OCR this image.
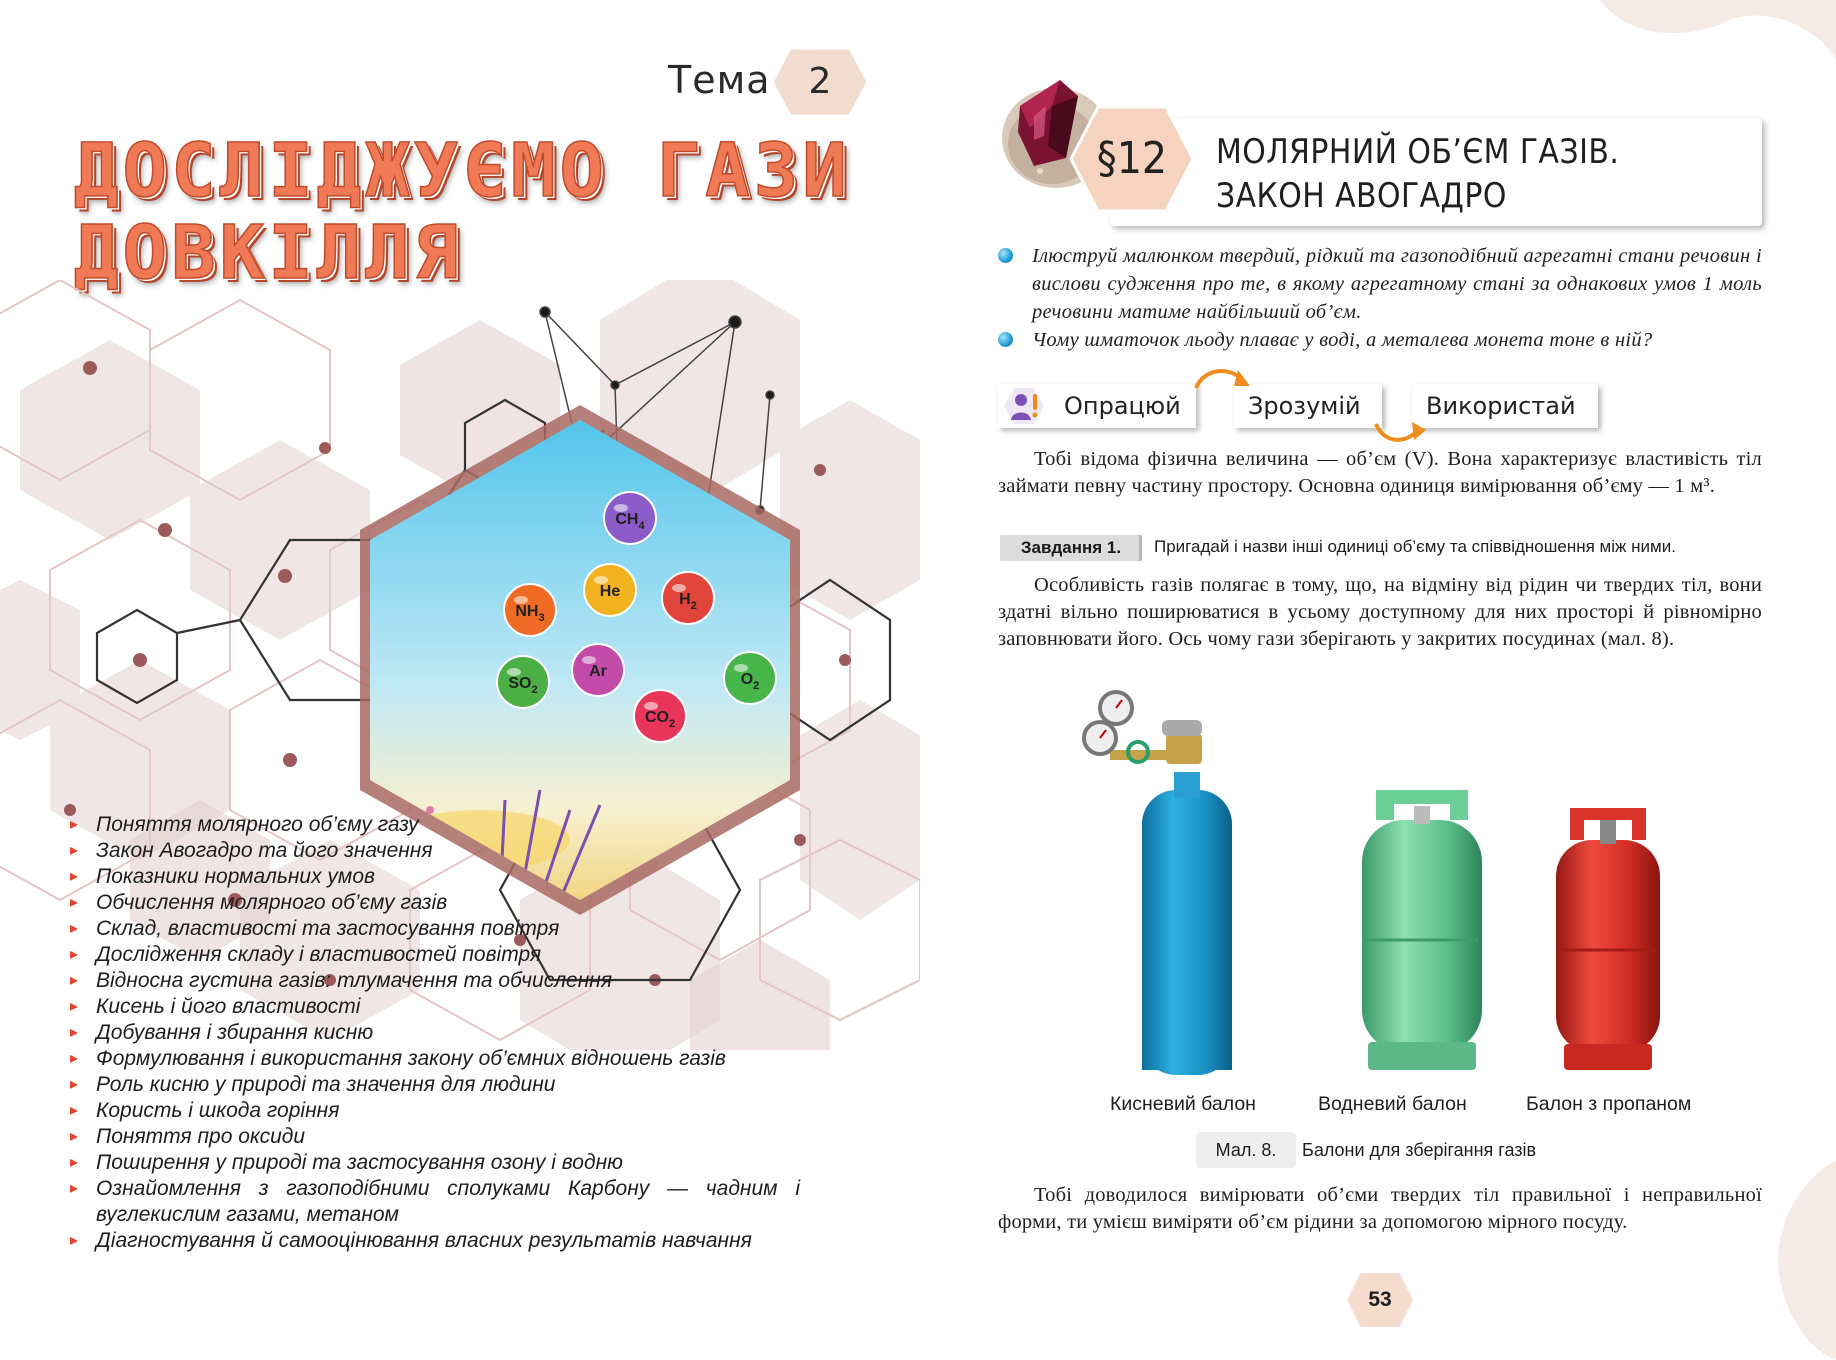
Тема	2
ДОСЛІДЖУЄМО ГАЗИ
ДОВКІЛЛЯ
$CH_4$
He	$H_2$
$NH_3$
Ar
$SO_2$
$O_2$
$CO_2$
▸ Поняття молярного об’єму газу
▸ Закон Авогадро та його значення
▸ Показники нормальних умов
▸ Обчислення молярного об’єму газів
▸ Склад, властивості та застосування повітря
▸ Дослідження складу і властивостей повітря
▸ Відносна густина газів: тлумачення та обчислення
▸ Кисень і його властивості
▸ Добування і збирання кисню
▸ Формулювання і використання закону об’ємних відношень газів
▸ Роль кисню у природі та значення для людини
▸ Користь і шкода горіння
▸ Поняття про оксиди
▸ Поширення у природі та застосування озону і водню
▸ Ознайомлення з газоподібними сполуками Карбону — чадним і вуглекислим газами, метаном
▸ Діагностування й самооцінювання власних результатів навчання
§12	МОЛЯРНИЙ ОБ’ЄМ ГАЗІВ.
ЗАКОН АВОГАДРО
Ілюструй малюнком твердий, рідкий та газоподібний агрегатні стани речовин і вислови судження про те, в якому агрегатному стані за однакових умов 1 моль речовини матиме найбільший об’єм.
Чому шматочок льоду плаває у воді, а металева монета тоне в ній?
Опрацюй	Зрозумій	Використай
Тобі відома фізична величина — об’єм (V). Вона характеризує властивість тіл займати певну частину простору. Основна одиниця вимірювання об’єму — 1 м³.
Завдання 1.	Пригадай і назви інші одиниці об’єму та співвідношення між ними.
Особливість газів полягає в тому, що, на відміну від рідин чи твердих тіл, вони здатні вільно поширюватися в усьому доступному для них просторі й рівномірно заповнювати його. Ось чому гази зберігають у закритих посудинах (мал. 8).
Кисневий балон	Водневий балон	Балон з пропаном
Мал. 8.	Балони для зберігання газів
Тобі доводилося вимірювати об’єми твердих тіл правильної і неправильної форми, ти умієш виміряти об’єм рідини за допомогою мірного посуду.
53
